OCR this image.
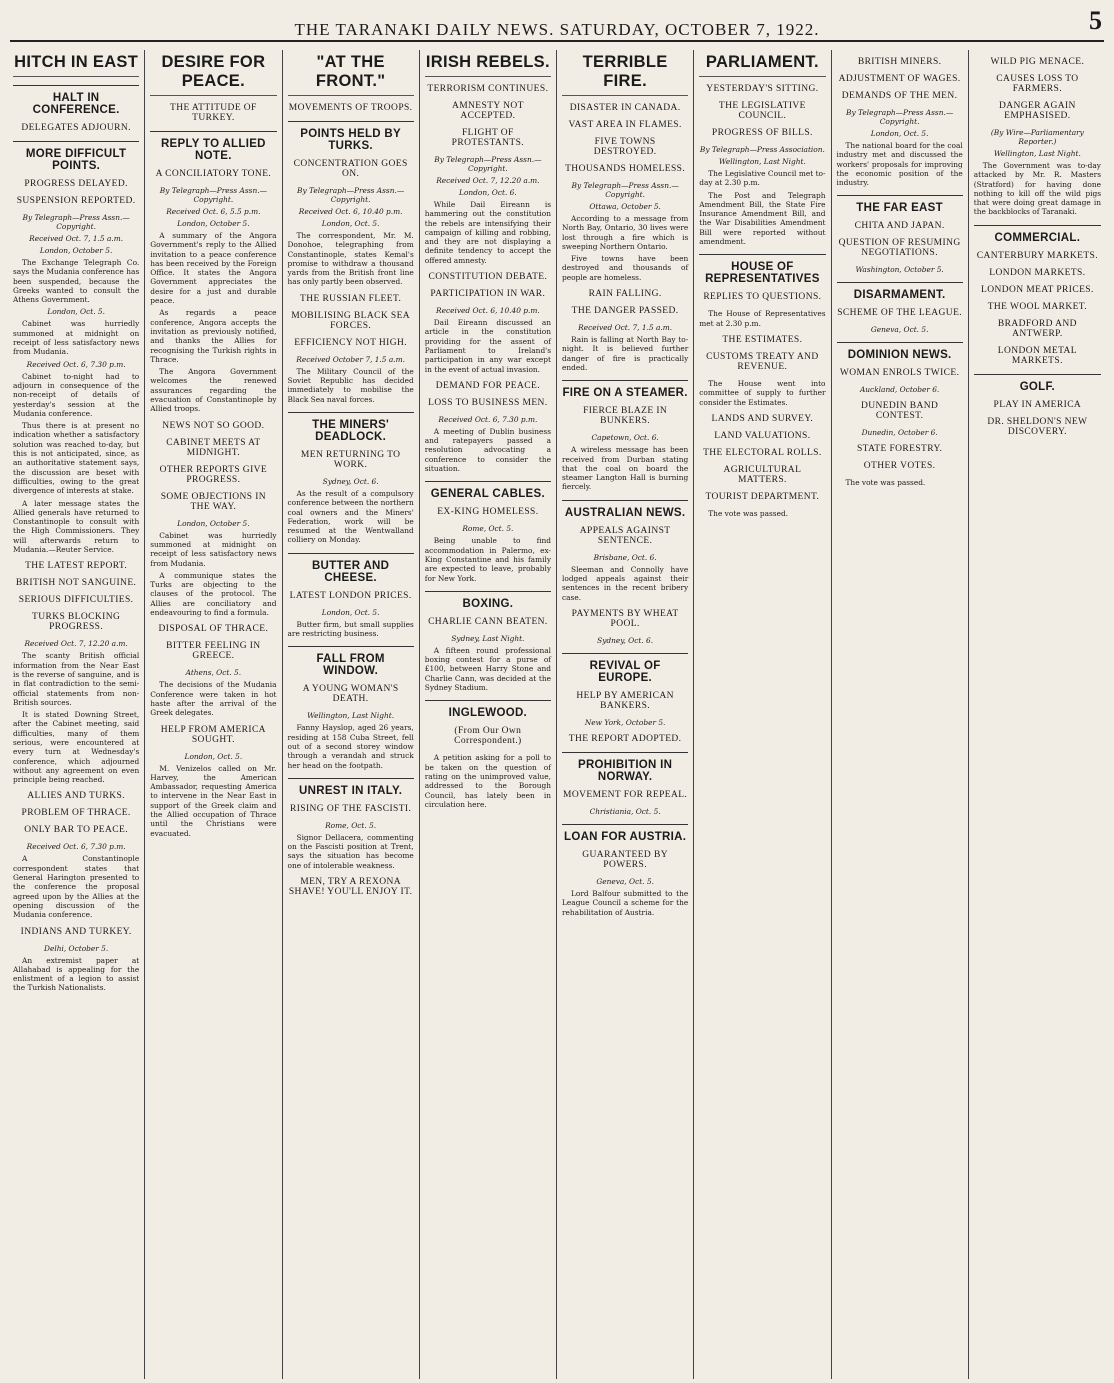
THE TARANAKI DAILY NEWS. SATURDAY, OCTOBER 7, 1922.	5
HITCH IN EAST
HALT IN CONFERENCE.
DELEGATES ADJOURN.
MORE DIFFICULT POINTS.
PROGRESS DELAYED.
SUSPENSION REPORTED.
By Telegraph—Press Assn.—Copyright.
Received Oct. 7, 1.5 a.m.
London, October 5.
The Exchange Telegraph Co. says the Mudania conference has been suspended, because the Greeks wanted to consult the Athens Government.
London, Oct. 5.
Cabinet was hurriedly summoned at midnight on receipt of less satisfactory news from Mudania.
Received Oct. 6, 7.30 p.m.
Cabinet to-night had to adjourn in consequence of the non-receipt of details of yesterday's session at the Mudania conference.
Thus there is at present no indication whether a satisfactory solution was reached to-day, but this is not anticipated, since, as an authoritative statement says, the discussion are beset with difficulties, owing to the great divergence of interests at stake.
A later message states the Allied generals have returned to Constantinople to consult with the High Commissioners. They will afterwards return to Mudania.—Reuter Service.
THE LATEST REPORT.
BRITISH NOT SANGUINE.
SERIOUS DIFFICULTIES.
TURKS BLOCKING PROGRESS.
Received Oct. 7, 12.20 a.m.
The scanty British official information from the Near East is the reverse of sanguine, and is in flat contradiction to the semi-official statements from non-British sources.
It is stated Downing Street, after the Cabinet meeting, said difficulties, many of them serious, were encountered at every turn at Wednesday's conference, which adjourned without any agreement on even principle being reached.
ALLIES AND TURKS.
PROBLEM OF THRACE.
ONLY BAR TO PEACE.
Received Oct. 6, 7.30 p.m.
A Constantinople correspondent states that General Harington presented to the conference the proposal agreed upon by the Allies at the opening discussion of the Mudania conference.
INDIANS AND TURKEY.
Delhi, October 5.
An extremist paper at Allahabad is appealing for the enlistment of a legion to assist the Turkish Nationalists.
DESIRE FOR PEACE.
THE ATTITUDE OF TURKEY.
REPLY TO ALLIED NOTE.
A CONCILIATORY TONE.
By Telegraph—Press Assn.—Copyright.
Received Oct. 6, 5.5 p.m.
London, October 5.
A summary of the Angora Government's reply to the Allied invitation to a peace conference has been received by the Foreign Office. It states the Angora Government appreciates the desire for a just and durable peace.
As regards a peace conference, Angora accepts the invitation as previously notified, and thanks the Allies for recognising the Turkish rights in Thrace.
The Angora Government welcomes the renewed assurances regarding the evacuation of Constantinople by Allied troops.
NEWS NOT SO GOOD.
CABINET MEETS AT MIDNIGHT.
OTHER REPORTS GIVE PROGRESS.
SOME OBJECTIONS IN THE WAY.
London, October 5.
Cabinet was hurriedly summoned at midnight on receipt of less satisfactory news from Mudania.
A communique states the Turks are objecting to the clauses of the protocol. The Allies are conciliatory and endeavouring to find a formula.
DISPOSAL OF THRACE.
BITTER FEELING IN GREECE.
Athens, Oct. 5.
The decisions of the Mudania Conference were taken in hot haste after the arrival of the Greek delegates.
HELP FROM AMERICA SOUGHT.
London, Oct. 5.
M. Venizelos called on Mr. Harvey, the American Ambassador, requesting America to intervene in the Near East in support of the Greek claim and the Allied occupation of Thrace until the Christians were evacuated.
"AT THE FRONT."
MOVEMENTS OF TROOPS.
POINTS HELD BY TURKS.
CONCENTRATION GOES ON.
By Telegraph—Press Assn.—Copyright.
Received Oct. 6, 10.40 p.m.
London, Oct. 5.
The correspondent, Mr. M. Donohoe, telegraphing from Constantinople, states Kemal's promise to withdraw a thousand yards from the British front line has only partly been observed.
THE RUSSIAN FLEET.
MOBILISING BLACK SEA FORCES.
EFFICIENCY NOT HIGH.
Received October 7, 1.5 a.m.
The Military Council of the Soviet Republic has decided immediately to mobilise the Black Sea naval forces.
THE MINERS' DEADLOCK.
MEN RETURNING TO WORK.
Sydney, Oct. 6.
As the result of a compulsory conference between the northern coal owners and the Miners' Federation, work will be resumed at the Wentwalland colliery on Monday.
BUTTER AND CHEESE.
LATEST LONDON PRICES.
London, Oct. 5.
Butter firm, but small supplies are restricting business.
FALL FROM WINDOW.
A YOUNG WOMAN'S DEATH.
Wellington, Last Night.
Fanny Hayslop, aged 26 years, residing at 158 Cuba Street, fell out of a second storey window through a verandah and struck her head on the footpath.
UNREST IN ITALY.
RISING OF THE FASCISTI.
Rome, Oct. 5.
Signor Dellacera, commenting on the Fascisti position at Trent, says the situation has become one of intolerable weakness.
MEN, TRY A REXONA SHAVE! YOU'LL ENJOY IT.
IRISH REBELS.
TERRORISM CONTINUES.
AMNESTY NOT ACCEPTED.
FLIGHT OF PROTESTANTS.
By Telegraph—Press Assn.—Copyright.
Received Oct. 7, 12.20 a.m.
London, Oct. 6.
While Dail Eireann is hammering out the constitution the rebels are intensifying their campaign of killing and robbing, and they are not displaying a definite tendency to accept the offered amnesty.
CONSTITUTION DEBATE.
PARTICIPATION IN WAR.
Received Oct. 6, 10.40 p.m.
Dail Eireann discussed an article in the constitution providing for the assent of Parliament to Ireland's participation in any war except in the event of actual invasion.
DEMAND FOR PEACE.
LOSS TO BUSINESS MEN.
Received Oct. 6, 7.30 p.m.
A meeting of Dublin business and ratepayers passed a resolution advocating a conference to consider the situation.
GENERAL CABLES.
EX-KING HOMELESS.
Rome, Oct. 5.
Being unable to find accommodation in Palermo, ex-King Constantine and his family are expected to leave, probably for New York.
BOXING.
CHARLIE CANN BEATEN.
Sydney, Last Night.
A fifteen round professional boxing contest for a purse of £100, between Harry Stone and Charlie Cann, was decided at the Sydney Stadium.
INGLEWOOD.
(From Our Own Correspondent.)
A petition asking for a poll to be taken on the question of rating on the unimproved value, addressed to the Borough Council, has lately been in circulation here.
TERRIBLE FIRE.
DISASTER IN CANADA.
VAST AREA IN FLAMES.
FIVE TOWNS DESTROYED.
THOUSANDS HOMELESS.
By Telegraph—Press Assn.—Copyright.
Ottawa, October 5.
According to a message from North Bay, Ontario, 30 lives were lost through a fire which is sweeping Northern Ontario.
Five towns have been destroyed and thousands of people are homeless.
RAIN FALLING.
THE DANGER PASSED.
Received Oct. 7, 1.5 a.m.
Rain is falling at North Bay to-night. It is believed further danger of fire is practically ended.
FIRE ON A STEAMER.
FIERCE BLAZE IN BUNKERS.
Capetown, Oct. 6.
A wireless message has been received from Durban stating that the coal on board the steamer Langton Hall is burning fiercely.
AUSTRALIAN NEWS.
APPEALS AGAINST SENTENCE.
Brisbane, Oct. 6.
Sleeman and Connolly have lodged appeals against their sentences in the recent bribery case.
PAYMENTS BY WHEAT POOL.
Sydney, Oct. 6.
REVIVAL OF EUROPE.
HELP BY AMERICAN BANKERS.
New York, October 5.
THE REPORT ADOPTED.
PROHIBITION IN NORWAY.
MOVEMENT FOR REPEAL.
Christiania, Oct. 5.
LOAN FOR AUSTRIA.
GUARANTEED BY POWERS.
Geneva, Oct. 5.
Lord Balfour submitted to the League Council a scheme for the rehabilitation of Austria.
PARLIAMENT.
YESTERDAY'S SITTING.
THE LEGISLATIVE COUNCIL.
PROGRESS OF BILLS.
By Telegraph—Press Association.
Wellington, Last Night.
The Legislative Council met to-day at 2.30 p.m.
The Post and Telegraph Amendment Bill, the State Fire Insurance Amendment Bill, and the War Disabilities Amendment Bill were reported without amendment.
HOUSE OF REPRESENTATIVES
REPLIES TO QUESTIONS.
The House of Representatives met at 2.30 p.m.
THE ESTIMATES.
CUSTOMS TREATY AND REVENUE.
The House went into committee of supply to further consider the Estimates.
LANDS AND SURVEY.
LAND VALUATIONS.
THE ELECTORAL ROLLS.
AGRICULTURAL MATTERS.
TOURIST DEPARTMENT.
The vote was passed.
BRITISH MINERS.
ADJUSTMENT OF WAGES.
DEMANDS OF THE MEN.
By Telegraph—Press Assn.—Copyright.
London, Oct. 5.
The national board for the coal industry met and discussed the workers' proposals for improving the economic position of the industry.
THE FAR EAST
CHITA AND JAPAN.
QUESTION OF RESUMING NEGOTIATIONS.
Washington, October 5.
DISARMAMENT.
SCHEME OF THE LEAGUE.
Geneva, Oct. 5.
DOMINION NEWS.
WOMAN ENROLS TWICE.
Auckland, October 6.
DUNEDIN BAND CONTEST.
Dunedin, October 6.
STATE FORESTRY.
OTHER VOTES.
The vote was passed.
WILD PIG MENACE.
CAUSES LOSS TO FARMERS.
DANGER AGAIN EMPHASISED.
(By Wire—Parliamentary Reporter.)
Wellington, Last Night.
The Government was to-day attacked by Mr. R. Masters (Stratford) for having done nothing to kill off the wild pigs that were doing great damage in the backblocks of Taranaki.
COMMERCIAL.
CANTERBURY MARKETS.
LONDON MARKETS.
LONDON MEAT PRICES.
THE WOOL MARKET.
BRADFORD AND ANTWERP.
LONDON METAL MARKETS.
GOLF.
PLAY IN AMERICA
DR. SHELDON'S NEW DISCOVERY.
